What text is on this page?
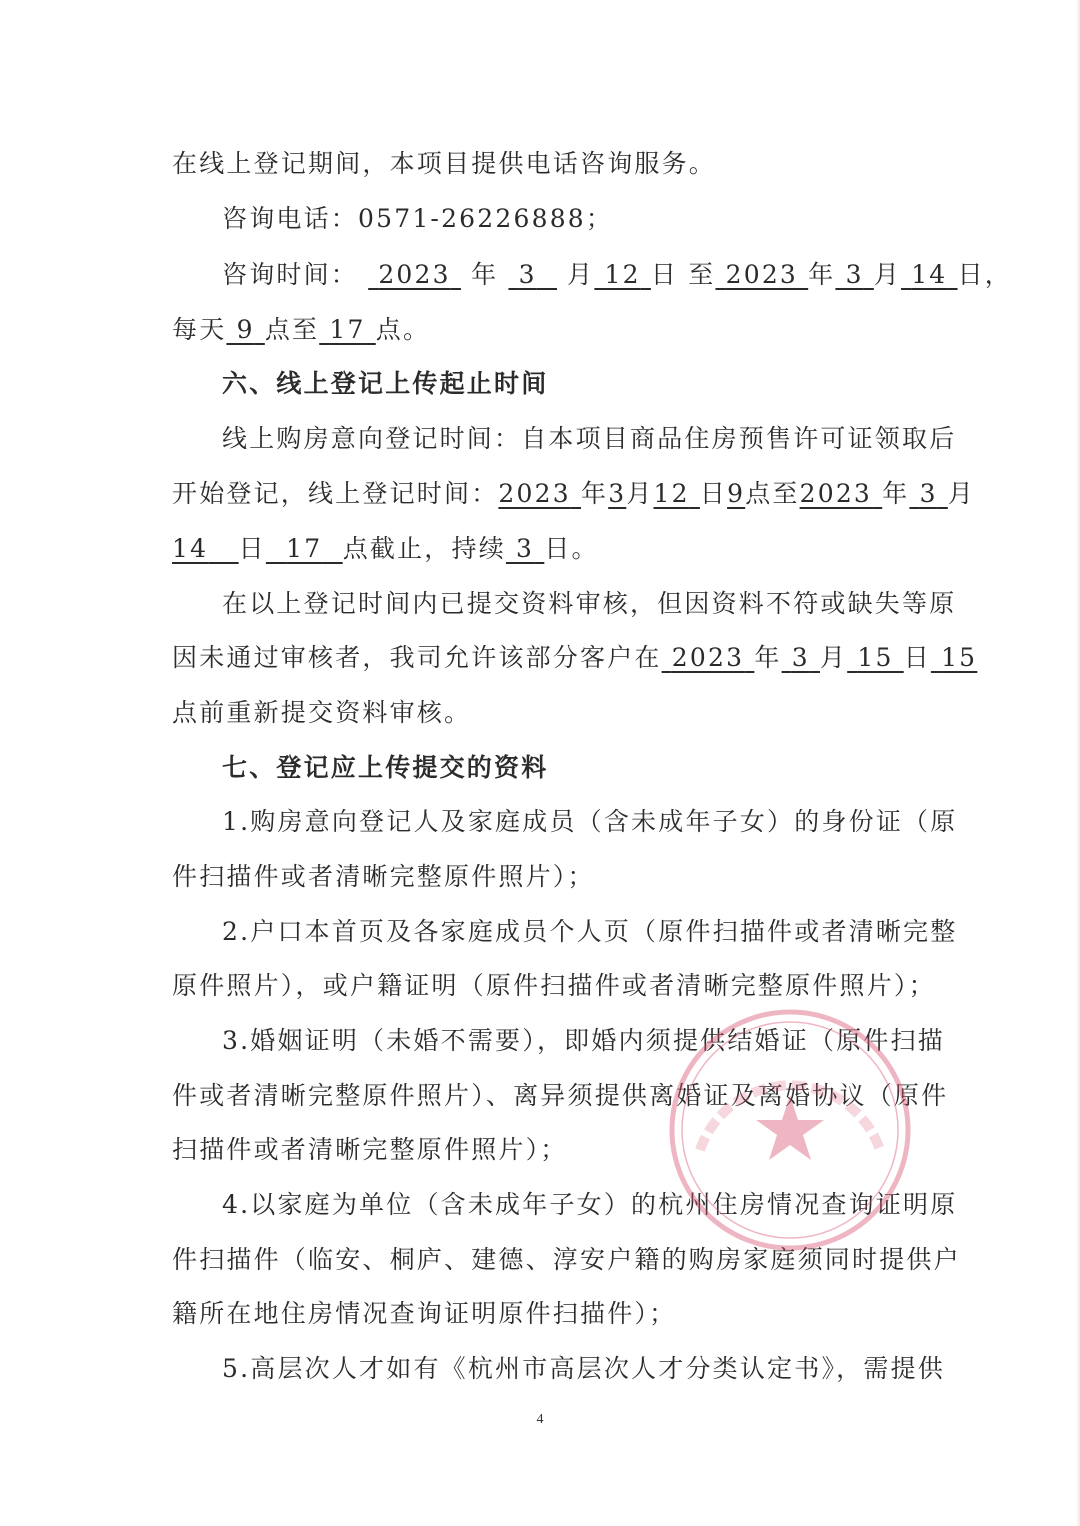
在线上登记期间，本项目提供电话咨询服务。
咨询电话：0571-26226888；
咨询时间： 2023 年 3 月 12 日 至 2023 年 3 月 14 日，
每天 9 点至 17 点。
六、线上登记上传起止时间
线上购房意向登记时间：自本项目商品住房预售许可证领取后
开始登记，线上登记时间：2023 年3月12 日9点至2023 年 3 月
14 日 17 点截止，持续 3 日。
在以上登记时间内已提交资料审核，但因资料不符或缺失等原
因未通过审核者，我司允许该部分客户在 2023 年 3 月 15 日 15
点前重新提交资料审核。
七、登记应上传提交的资料
1.购房意向登记人及家庭成员（含未成年子女）的身份证（原
件扫描件或者清晰完整原件照片）；
2.户口本首页及各家庭成员个人页（原件扫描件或者清晰完整
原件照片），或户籍证明（原件扫描件或者清晰完整原件照片）；
3.婚姻证明（未婚不需要），即婚内须提供结婚证（原件扫描
件或者清晰完整原件照片）、离异须提供离婚证及离婚协议（原件
扫描件或者清晰完整原件照片）；
4.以家庭为单位（含未成年子女）的杭州住房情况查询证明原
件扫描件（临安、桐庐、建德、淳安户籍的购房家庭须同时提供户
籍所在地住房情况查询证明原件扫描件）；
5.高层次人才如有《杭州市高层次人才分类认定书》，需提供
4
